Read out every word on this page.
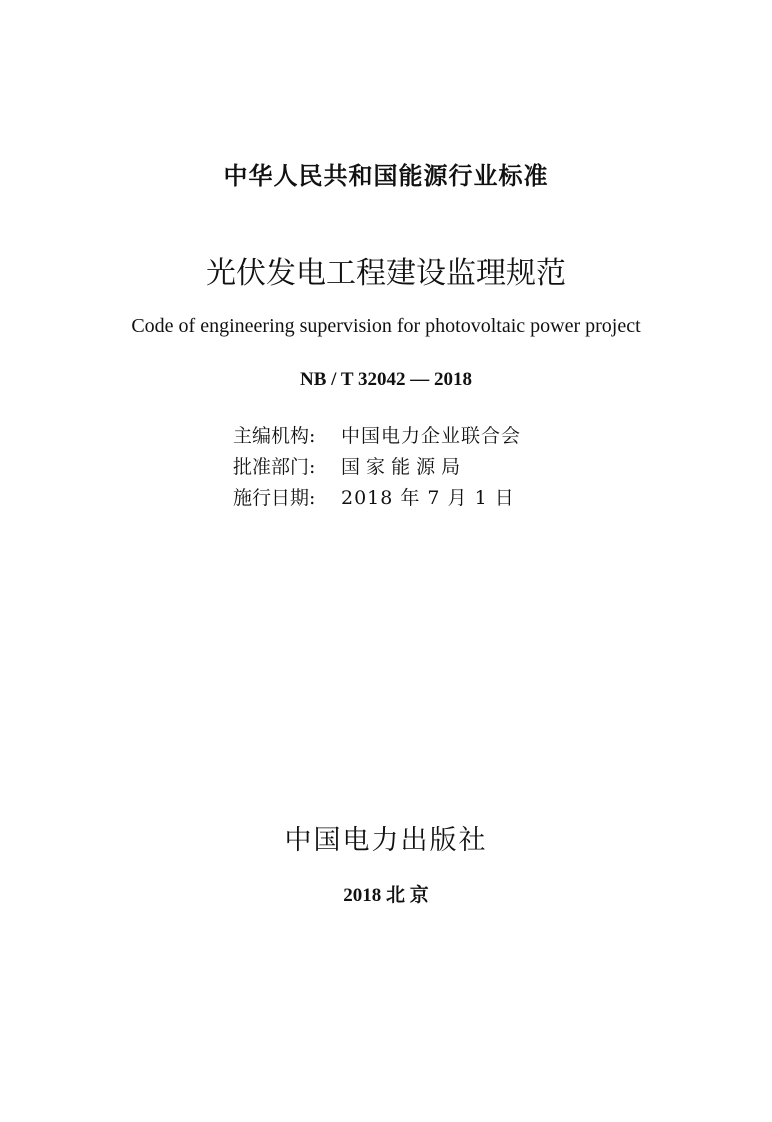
中华人民共和国能源行业标准
光伏发电工程建设监理规范
Code of engineering supervision for photovoltaic power project
NB / T 32042 — 2018
主编机构:	中国电力企业联合会
批准部门:	国 家 能 源 局
施行日期:	2018 年 7 月 1 日
中国电力出版社
2018 北 京
